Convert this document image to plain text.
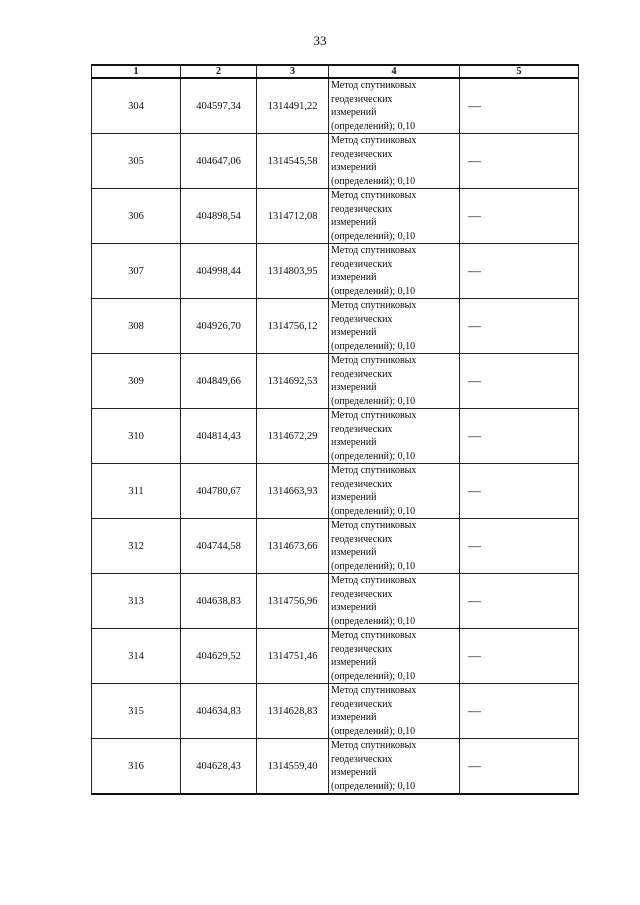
33
1	2	3	4	5
304	404597,34	1314491,22	Метод спутниковых
геодезических
измерений
(определений); 0,10	—
305	404647,06	1314545,58	Метод спутниковых
геодезических
измерений
(определений); 0,10	—
306	404898,54	1314712,08	Метод спутниковых
геодезических
измерений
(определений); 0,10	—
307	404998,44	1314803,95	Метод спутниковых
геодезических
измерений
(определений); 0,10	—
308	404926,70	1314756,12	Метод спутниковых
геодезических
измерений
(определений); 0,10	—
309	404849,66	1314692,53	Метод спутниковых
геодезических
измерений
(определений); 0,10	—
310	404814,43	1314672,29	Метод спутниковых
геодезических
измерений
(определений); 0,10	—
311	404780,67	1314663,93	Метод спутниковых
геодезических
измерений
(определений); 0,10	—
312	404744,58	1314673,66	Метод спутниковых
геодезических
измерений
(определений); 0,10	—
313	404638,83	1314756,96	Метод спутниковых
геодезических
измерений
(определений); 0,10	—
314	404629,52	1314751,46	Метод спутниковых
геодезических
измерений
(определений); 0,10	—
315	404634,83	1314628,83	Метод спутниковых
геодезических
измерений
(определений); 0,10	—
316	404628,43	1314559,40	Метод спутниковых
геодезических
измерений
(определений); 0,10	—
